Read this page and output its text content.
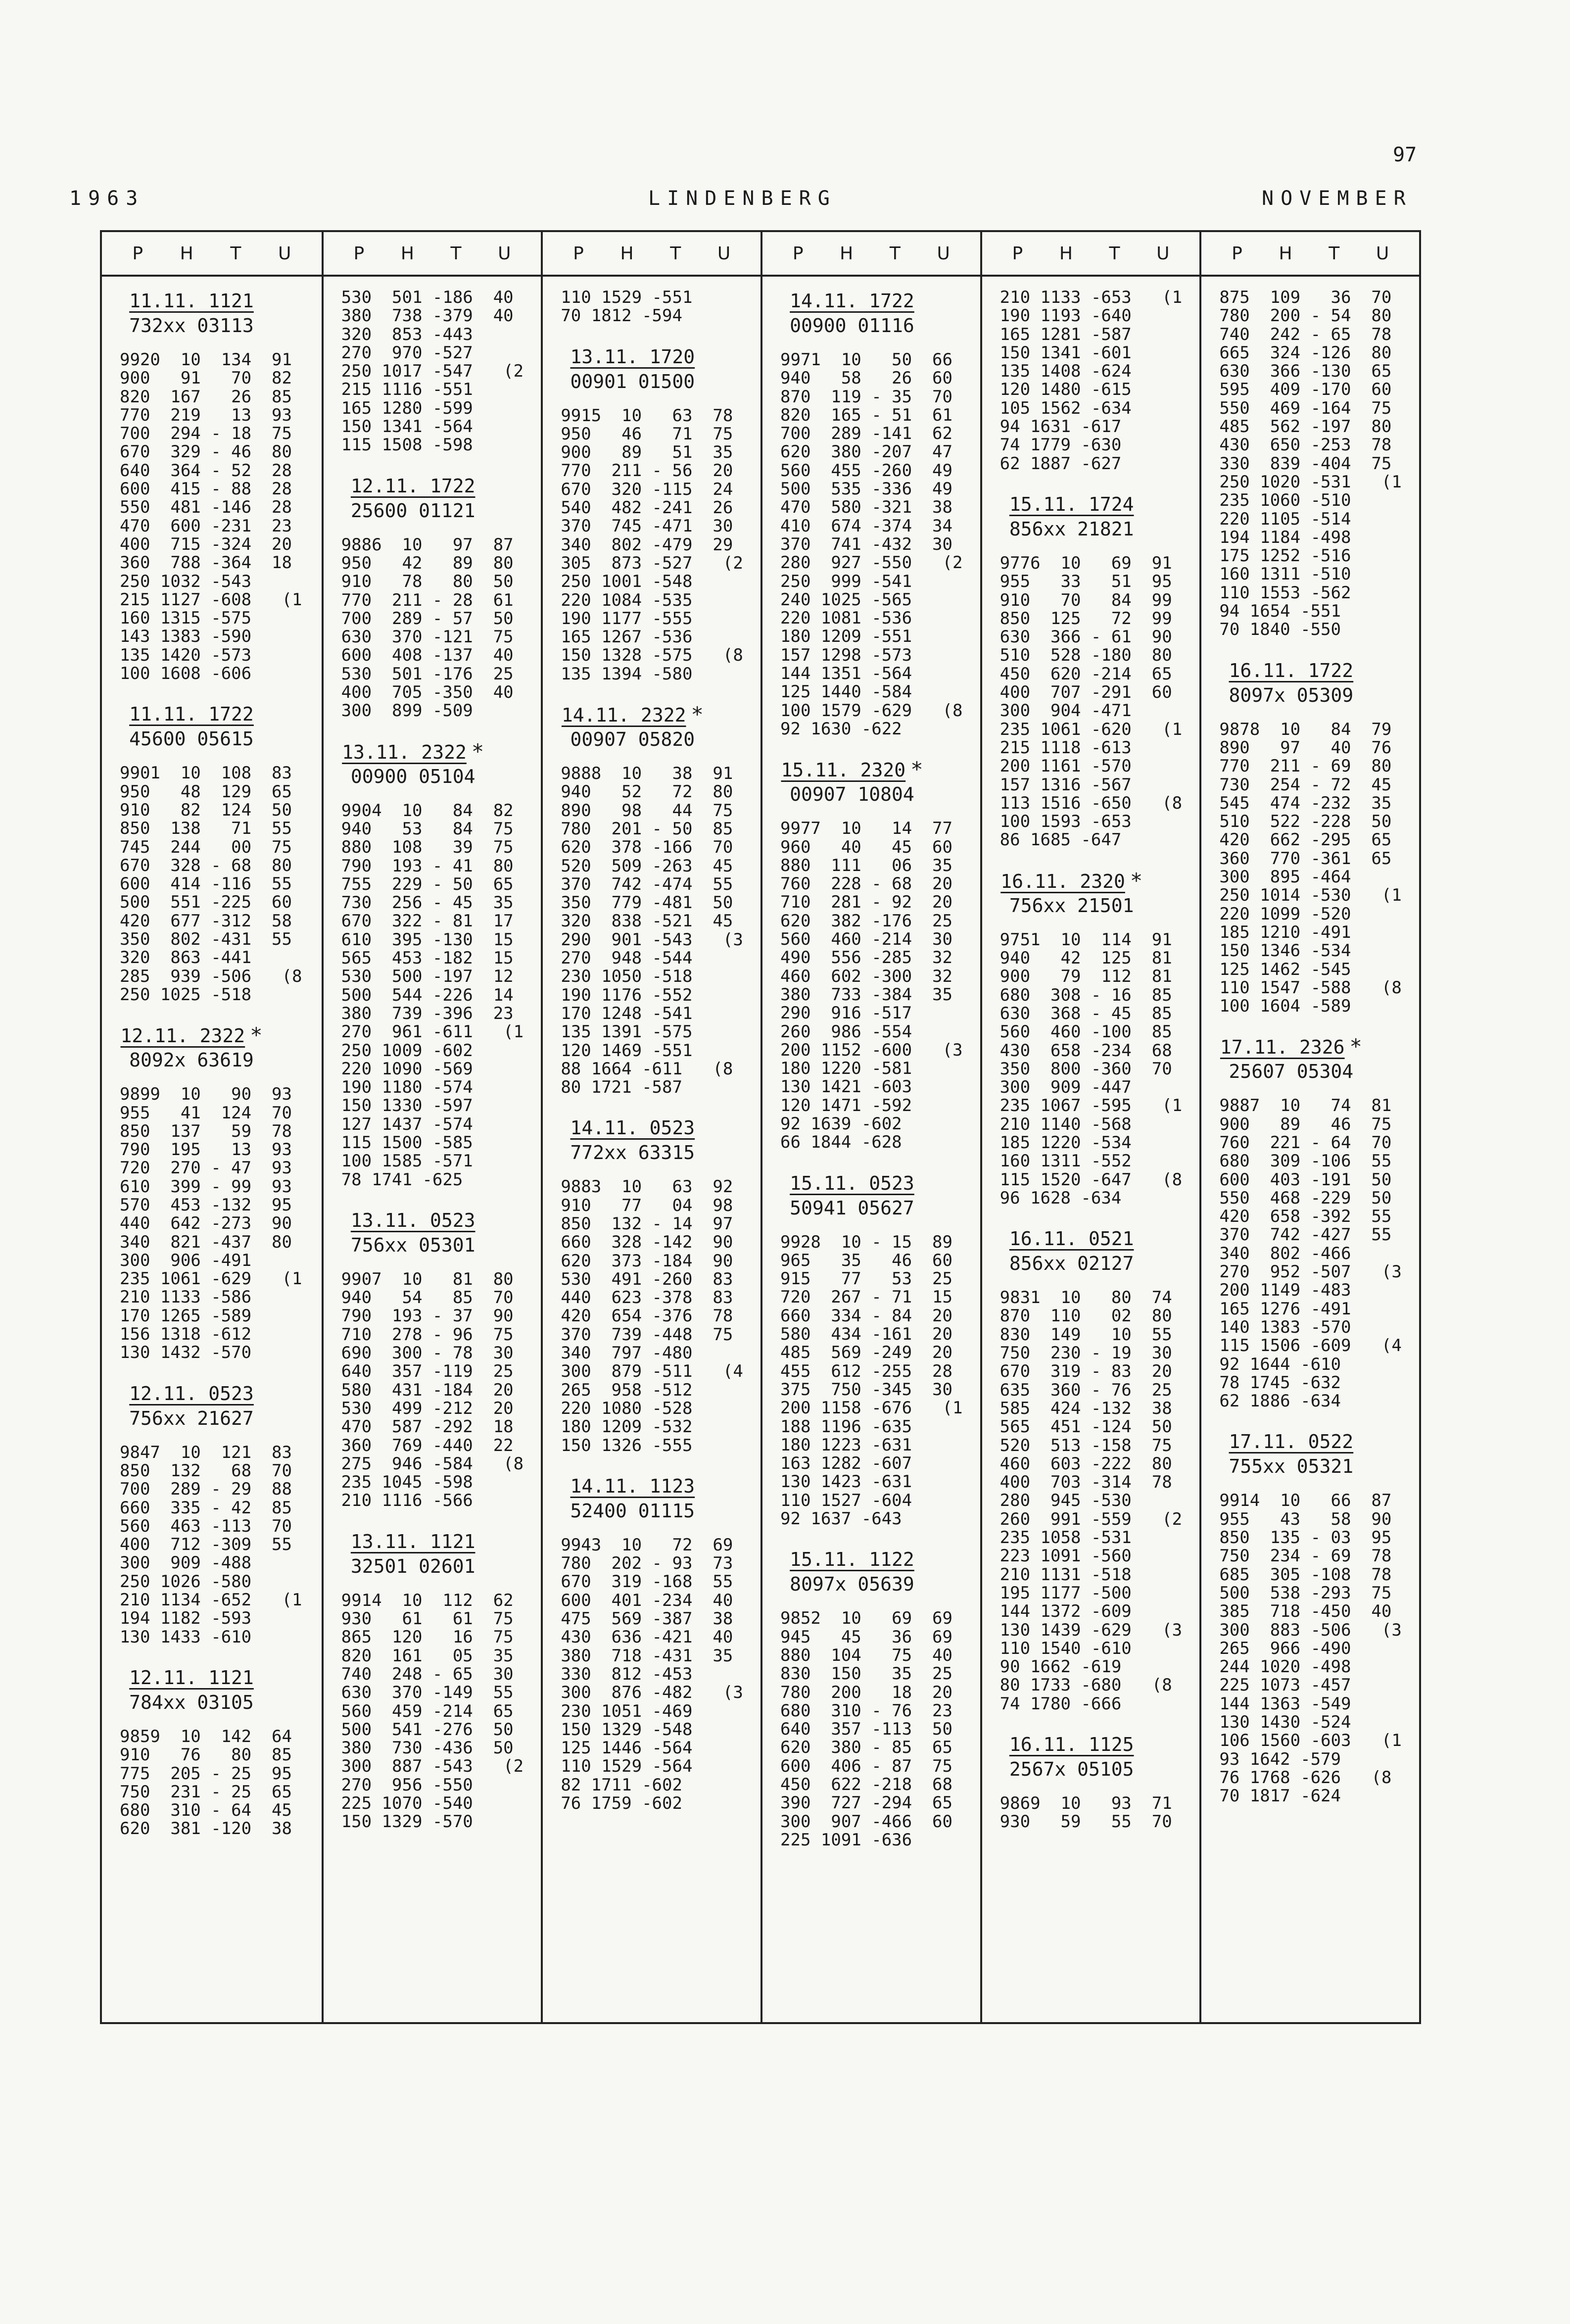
97
1963	LINDENBERG	NOVEMBER
P H T U
11.11. 1121
732xx 03113
9920  10  134  91
900   91   70  82
820  167   26  85
770  219   13  93
700  294 - 18  75
670  329 - 46  80
640  364 - 52  28
600  415 - 88  28
550  481 -146  28
470  600 -231  23
400  715 -324  20
360  788 -364  18
250 1032 -543
215 1127 -608   (1
160 1315 -575
143 1383 -590
135 1420 -573
100 1608 -606
11.11. 1722
45600 05615
9901  10  108  83
950   48  129  65
910   82  124  50
850  138   71  55
745  244   00  75
670  328 - 68  80
600  414 -116  55
500  551 -225  60
420  677 -312  58
350  802 -431  55
320  863 -441
285  939 -506   (8
250 1025 -518
12.11. 2322 *
8092x 63619
9899  10   90  93
955   41  124  70
850  137   59  78
790  195   13  93
720  270 - 47  93
610  399 - 99  93
570  453 -132  95
440  642 -273  90
340  821 -437  80
300  906 -491
235 1061 -629   (1
210 1133 -586
170 1265 -589
156 1318 -612
130 1432 -570
12.11. 0523
756xx 21627
9847  10  121  83
850  132   68  70
700  289 - 29  88
660  335 - 42  85
560  463 -113  70
400  712 -309  55
300  909 -488
250 1026 -580
210 1134 -652   (1
194 1182 -593
130 1433 -610
12.11. 1121
784xx 03105
9859  10  142  64
910   76   80  85
775  205 - 25  95
750  231 - 25  65
680  310 - 64  45
620  381 -120  38
P H T U
530  501 -186  40
380  738 -379  40
320  853 -443
270  970 -527
250 1017 -547   (2
215 1116 -551
165 1280 -599
150 1341 -564
115 1508 -598
12.11. 1722
25600 01121
9886  10   97  87
950   42   89  80
910   78   80  50
770  211 - 28  61
700  289 - 57  50
630  370 -121  75
600  408 -137  40
530  501 -176  25
400  705 -350  40
300  899 -509
13.11. 2322 *
00900 05104
9904  10   84  82
940   53   84  75
880  108   39  75
790  193 - 41  80
755  229 - 50  65
730  256 - 45  35
670  322 - 81  17
610  395 -130  15
565  453 -182  15
530  500 -197  12
500  544 -226  14
380  739 -396  23
270  961 -611   (1
250 1009 -602
220 1090 -569
190 1180 -574
150 1330 -597
127 1437 -574
115 1500 -585
100 1585 -571
78 1741 -625
13.11. 0523
756xx 05301
9907  10   81  80
940   54   85  70
790  193 - 37  90
710  278 - 96  75
690  300 - 78  30
640  357 -119  25
580  431 -184  20
530  499 -212  20
470  587 -292  18
360  769 -440  22
275  946 -584   (8
235 1045 -598
210 1116 -566
13.11. 1121
32501 02601
9914  10  112  62
930   61   61  75
865  120   16  75
820  161   05  35
740  248 - 65  30
630  370 -149  55
560  459 -214  65
500  541 -276  50
380  730 -436  50
300  887 -543   (2
270  956 -550
225 1070 -540
150 1329 -570
P H T U
110 1529 -551
70 1812 -594
13.11. 1720
00901 01500
9915  10   63  78
950   46   71  75
900   89   51  35
770  211 - 56  20
670  320 -115  24
540  482 -241  26
370  745 -471  30
340  802 -479  29
305  873 -527   (2
250 1001 -548
220 1084 -535
190 1177 -555
165 1267 -536
150 1328 -575   (8
135 1394 -580
14.11. 2322 *
00907 05820
9888  10   38  91
940   52   72  80
890   98   44  75
780  201 - 50  85
620  378 -166  70
520  509 -263  45
370  742 -474  55
350  779 -481  50
320  838 -521  45
290  901 -543   (3
270  948 -544
230 1050 -518
190 1176 -552
170 1248 -541
135 1391 -575
120 1469 -551
88 1664 -611   (8
80 1721 -587
14.11. 0523
772xx 63315
9883  10   63  92
910   77   04  98
850  132 - 14  97
660  328 -142  90
620  373 -184  90
530  491 -260  83
440  623 -378  83
420  654 -376  78
370  739 -448  75
340  797 -480
300  879 -511   (4
265  958 -512
220 1080 -528
180 1209 -532
150 1326 -555
14.11. 1123
52400 01115
9943  10   72  69
780  202 - 93  73
670  319 -168  55
600  401 -234  40
475  569 -387  38
430  636 -421  40
380  718 -431  35
330  812 -453
300  876 -482   (3
230 1051 -469
150 1329 -548
125 1446 -564
110 1529 -564
82 1711 -602
76 1759 -602
P H T U
14.11. 1722
00900 01116
9971  10   50  66
940   58   26  60
870  119 - 35  70
820  165 - 51  61
700  289 -141  62
620  380 -207  47
560  455 -260  49
500  535 -336  49
470  580 -321  38
410  674 -374  34
370  741 -432  30
280  927 -550   (2
250  999 -541
240 1025 -565
220 1081 -536
180 1209 -551
157 1298 -573
144 1351 -564
125 1440 -584
100 1579 -629   (8
92 1630 -622
15.11. 2320 *
00907 10804
9977  10   14  77
960   40   45  60
880  111   06  35
760  228 - 68  20
710  281 - 92  20
620  382 -176  25
560  460 -214  30
490  556 -285  32
460  602 -300  32
380  733 -384  35
290  916 -517
260  986 -554
200 1152 -600   (3
180 1220 -581
130 1421 -603
120 1471 -592
92 1639 -602
66 1844 -628
15.11. 0523
50941 05627
9928  10 - 15  89
965   35   46  60
915   77   53  25
720  267 - 71  15
660  334 - 84  20
580  434 -161  20
485  569 -249  20
455  612 -255  28
375  750 -345  30
200 1158 -676   (1
188 1196 -635
180 1223 -631
163 1282 -607
130 1423 -631
110 1527 -604
92 1637 -643
15.11. 1122
8097x 05639
9852  10   69  69
945   45   36  69
880  104   75  40
830  150   35  25
780  200   18  20
680  310 - 76  23
640  357 -113  50
620  380 - 85  65
600  406 - 87  75
450  622 -218  68
390  727 -294  65
300  907 -466  60
225 1091 -636
P H T U
210 1133 -653   (1
190 1193 -640
165 1281 -587
150 1341 -601
135 1408 -624
120 1480 -615
105 1562 -634
94 1631 -617
74 1779 -630
62 1887 -627
15.11. 1724
856xx 21821
9776  10   69  91
955   33   51  95
910   70   84  99
850  125   72  99
630  366 - 61  90
510  528 -180  80
450  620 -214  65
400  707 -291  60
300  904 -471
235 1061 -620   (1
215 1118 -613
200 1161 -570
157 1316 -567
113 1516 -650   (8
100 1593 -653
86 1685 -647
16.11. 2320 *
756xx 21501
9751  10  114  91
940   42  125  81
900   79  112  81
680  308 - 16  85
630  368 - 45  85
560  460 -100  85
430  658 -234  68
350  800 -360  70
300  909 -447
235 1067 -595   (1
210 1140 -568
185 1220 -534
160 1311 -552
115 1520 -647   (8
96 1628 -634
16.11. 0521
856xx 02127
9831  10   80  74
870  110   02  80
830  149   10  55
750  230 - 19  30
670  319 - 83  20
635  360 - 76  25
585  424 -132  38
565  451 -124  50
520  513 -158  75
460  603 -222  80
400  703 -314  78
280  945 -530
260  991 -559   (2
235 1058 -531
223 1091 -560
210 1131 -518
195 1177 -500
144 1372 -609
130 1439 -629   (3
110 1540 -610
90 1662 -619
80 1733 -680   (8
74 1780 -666
16.11. 1125
2567x 05105
9869  10   93  71
930   59   55  70
P H T U
875  109   36  70
780  200 - 54  80
740  242 - 65  78
665  324 -126  80
630  366 -130  65
595  409 -170  60
550  469 -164  75
485  562 -197  80
430  650 -253  78
330  839 -404  75
250 1020 -531   (1
235 1060 -510
220 1105 -514
194 1184 -498
175 1252 -516
160 1311 -510
110 1553 -562
94 1654 -551
70 1840 -550
16.11. 1722
8097x 05309
9878  10   84  79
890   97   40  76
770  211 - 69  80
730  254 - 72  45
545  474 -232  35
510  522 -228  50
420  662 -295  65
360  770 -361  65
300  895 -464
250 1014 -530   (1
220 1099 -520
185 1210 -491
150 1346 -534
125 1462 -545
110 1547 -588   (8
100 1604 -589
17.11. 2326 *
25607 05304
9887  10   74  81
900   89   46  75
760  221 - 64  70
680  309 -106  55
600  403 -191  50
550  468 -229  50
420  658 -392  55
370  742 -427  55
340  802 -466
270  952 -507   (3
200 1149 -483
165 1276 -491
140 1383 -570
115 1506 -609   (4
92 1644 -610
78 1745 -632
62 1886 -634
17.11. 0522
755xx 05321
9914  10   66  87
955   43   58  90
850  135 - 03  95
750  234 - 69  78
685  305 -108  78
500  538 -293  75
385  718 -450  40
300  883 -506   (3
265  966 -490
244 1020 -498
225 1073 -457
144 1363 -549
130 1430 -524
106 1560 -603   (1
93 1642 -579
76 1768 -626   (8
70 1817 -624
